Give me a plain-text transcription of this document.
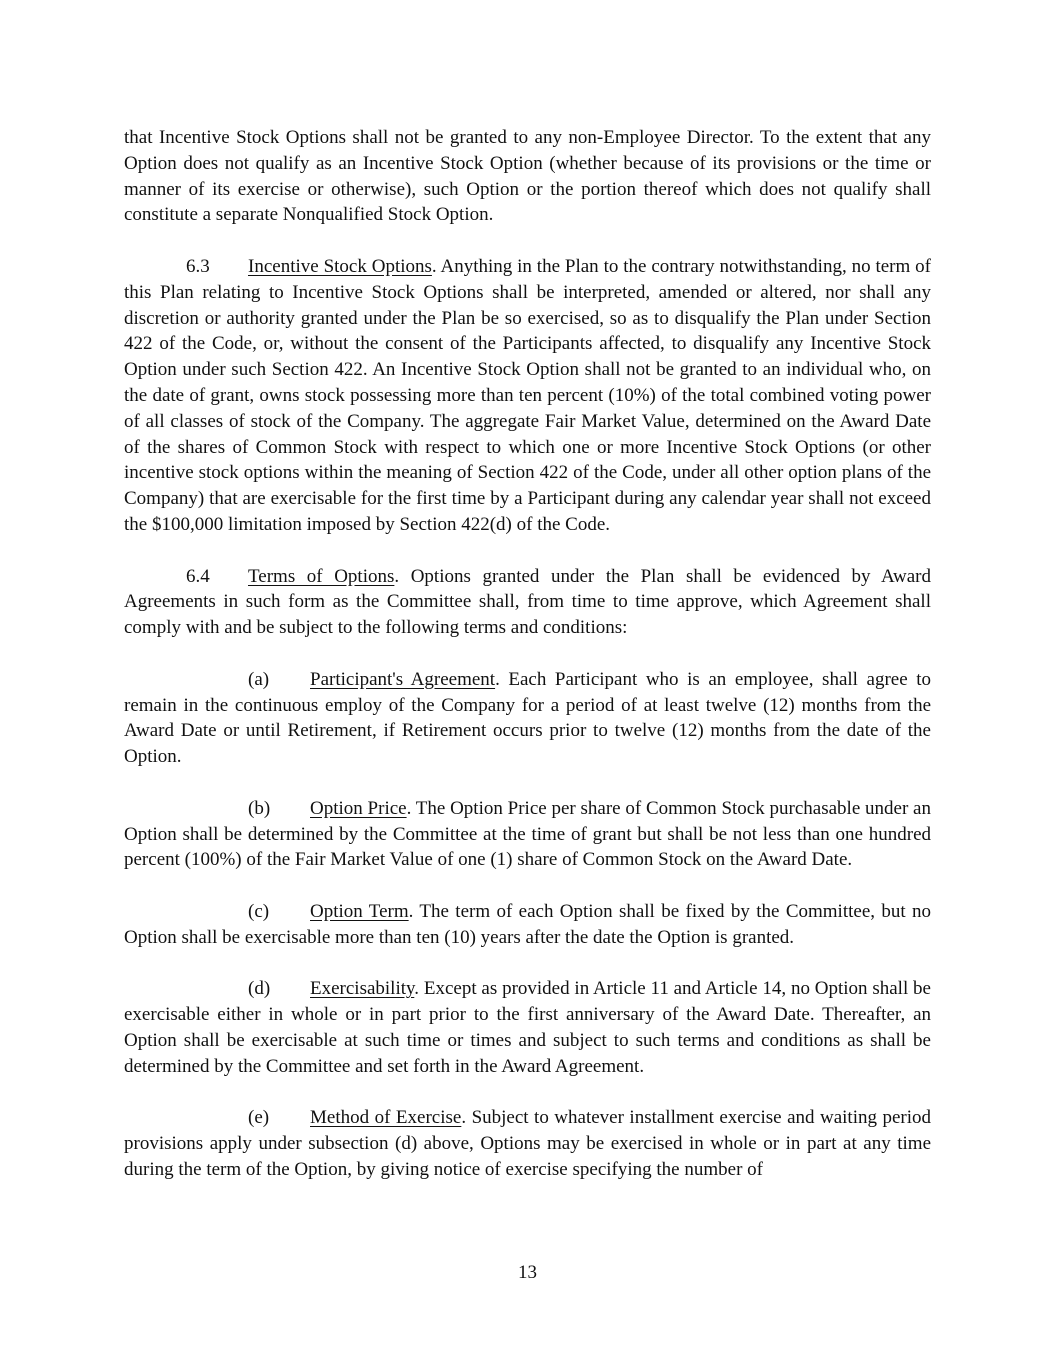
that Incentive Stock Options shall not be granted to any non-Employee Director. To the extent that any Option does not qualify as an Incentive Stock Option (whether because of its provisions or the time or manner of its exercise or otherwise), such Option or the portion thereof which does not qualify shall constitute a separate Nonqualified Stock Option.

6.3 Incentive Stock Options. Anything in the Plan to the contrary notwithstanding, no term of this Plan relating to Incentive Stock Options shall be interpreted, amended or altered, nor shall any discretion or authority granted under the Plan be so exercised, so as to disqualify the Plan under Section 422 of the Code, or, without the consent of the Participants affected, to disqualify any Incentive Stock Option under such Section 422. An Incentive Stock Option shall not be granted to an individual who, on the date of grant, owns stock possessing more than ten percent (10%) of the total combined voting power of all classes of stock of the Company. The aggregate Fair Market Value, determined on the Award Date of the shares of Common Stock with respect to which one or more Incentive Stock Options (or other incentive stock options within the meaning of Section 422 of the Code, under all other option plans of the Company) that are exercisable for the first time by a Participant during any calendar year shall not exceed the $100,000 limitation imposed by Section 422(d) of the Code.

6.4 Terms of Options. Options granted under the Plan shall be evidenced by Award Agreements in such form as the Committee shall, from time to time approve, which Agreement shall comply with and be subject to the following terms and conditions:

(a) Participant's Agreement. Each Participant who is an employee, shall agree to remain in the continuous employ of the Company for a period of at least twelve (12) months from the Award Date or until Retirement, if Retirement occurs prior to twelve (12) months from the date of the Option.

(b) Option Price. The Option Price per share of Common Stock purchasable under an Option shall be determined by the Committee at the time of grant but shall be not less than one hundred percent (100%) of the Fair Market Value of one (1) share of Common Stock on the Award Date.

(c) Option Term. The term of each Option shall be fixed by the Committee, but no Option shall be exercisable more than ten (10) years after the date the Option is granted.

(d) Exercisability. Except as provided in Article 11 and Article 14, no Option shall be exercisable either in whole or in part prior to the first anniversary of the Award Date. Thereafter, an Option shall be exercisable at such time or times and subject to such terms and conditions as shall be determined by the Committee and set forth in the Award Agreement.

(e) Method of Exercise. Subject to whatever installment exercise and waiting period provisions apply under subsection (d) above, Options may be exercised in whole or in part at any time during the term of the Option, by giving notice of exercise specifying the number of

13
